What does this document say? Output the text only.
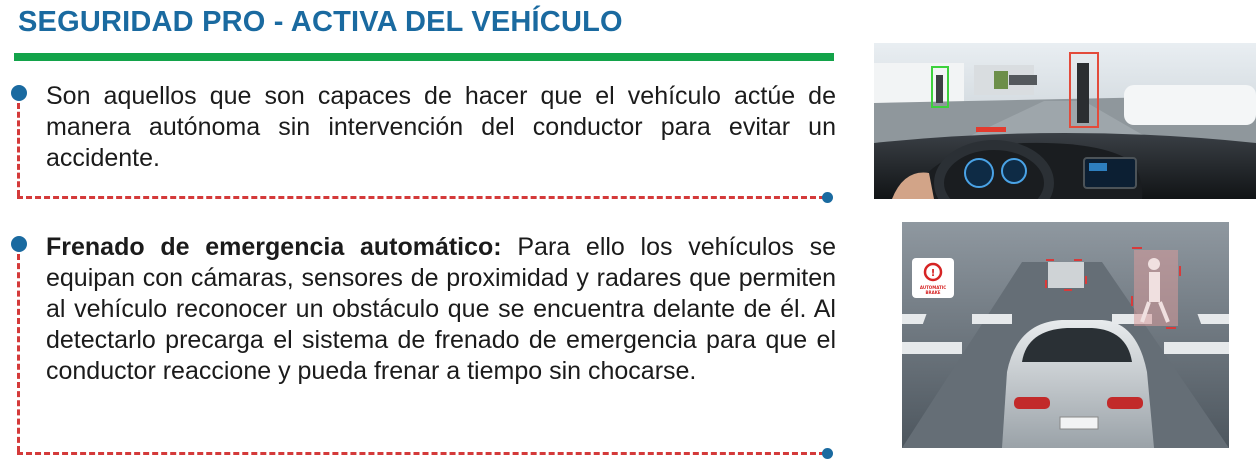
SEGURIDAD PRO - ACTIVA DEL VEHÍCULO
Son aquellos que son capaces de hacer que el vehículo actúe de manera autónoma sin intervención del conductor para evitar un accidente.
Frenado de emergencia automático: Para ello los vehículos se equipan con cámaras, sensores de proximidad y radares que permiten al vehículo reconocer un obstáculo que se encuentra delante de él. Al detectarlo precarga el sistema de frenado de emergencia para que el conductor reaccione y pueda frenar a tiempo sin chocarse.
!
AUTOMATIC
BRAKE
